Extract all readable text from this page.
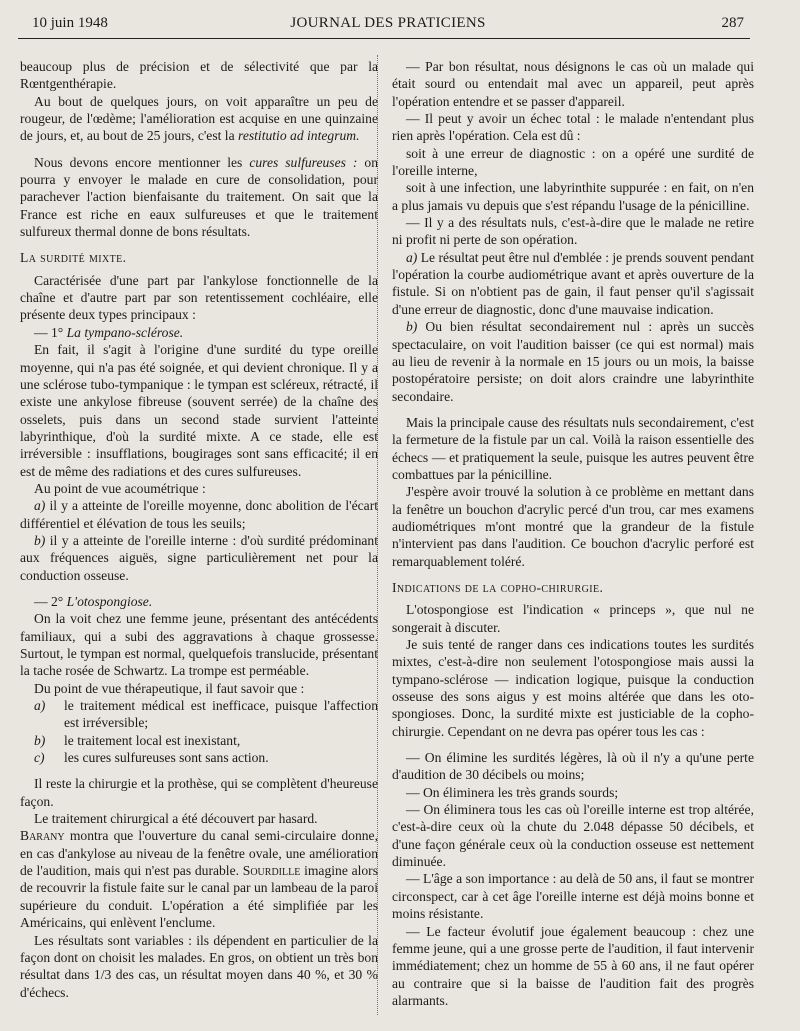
10 juin 1948	JOURNAL DES PRATICIENS	287

beaucoup plus de précision et de sélectivité que par la Rœntgenthérapie.

Au bout de quelques jours, on voit apparaître un peu de rougeur, de l'œdème; l'amélioration est acquise en une quinzaine de jours, et, au bout de 25 jours, c'est la restitutio ad integrum.

Nous devons encore mentionner les cures sulfureuses : on pourra y envoyer le malade en cure de consolidation, pour parachever l'action bienfaisante du traitement. On sait que la France est riche en eaux sulfureuses et que le traitement sulfureux thermal donne de bons résultats.

La surdité mixte.

Caractérisée d'une part par l'ankylose fonctionnelle de la chaîne et d'autre part par son retentissement cochléaire, elle présente deux types principaux :

— 1° La tympano-sclérose.

En fait, il s'agit à l'origine d'une surdité du type oreille moyenne, qui n'a pas été soignée, et qui devient chronique. Il y a une sclérose tubo-tympanique : le tympan est scléreux, rétracté, il existe une ankylose fibreuse (souvent serrée) de la chaîne des osselets, puis dans un second stade survient l'atteinte labyrinthique, d'où la surdité mixte. A ce stade, elle est irréversible : insufflations, bougirages sont sans efficacité; il en est de même des radiations et des cures sulfureuses.

Au point de vue acoumétrique :

a) il y a atteinte de l'oreille moyenne, donc abolition de l'écart différentiel et élévation de tous les seuils;

b) il y a atteinte de l'oreille interne : d'où surdité prédominant aux fréquences aiguës, signe particulièrement net pour la conduction osseuse.

— 2° L'otospongiose.

On la voit chez une femme jeune, présentant des antécédents familiaux, qui a subi des aggravations à chaque grossesse. Surtout, le tympan est normal, quelquefois translucide, présentant la tache rosée de Schwartz. La trompe est perméable.

Du point de vue thérapeutique, il faut savoir que :

a)	le traitement médical est inefficace, puisque l'affection est irréversible;
b)	le traitement local est inexistant,
c)	les cures sulfureuses sont sans action.

Il reste la chirurgie et la prothèse, qui se complètent d'heureuse façon.

Le traitement chirurgical a été découvert par hasard.

Barany montra que l'ouverture du canal semi-circulaire donne, en cas d'ankylose au niveau de la fenêtre ovale, une amélioration de l'audition, mais qui n'est pas durable. Sourdille imagine alors de recouvrir la fistule faite sur le canal par un lambeau de la paroi supérieure du conduit. L'opération a été simplifiée par les Américains, qui enlèvent l'enclume.

Les résultats sont variables : ils dépendent en particulier de la façon dont on choisit les malades. En gros, on obtient un très bon résultat dans 1/3 des cas, un résultat moyen dans 40 %, et 30 % d'échecs.

— Par bon résultat, nous désignons le cas où un malade qui était sourd ou entendait mal avec un appareil, peut après l'opération entendre et se passer d'appareil.

— Il peut y avoir un échec total : le malade n'entendant plus rien après l'opération. Cela est dû :

soit à une erreur de diagnostic : on a opéré une surdité de l'oreille interne,

soit à une infection, une labyrinthite suppurée : en fait, on n'en a plus jamais vu depuis que s'est répandu l'usage de la pénicilline.

— Il y a des résultats nuls, c'est-à-dire que le malade ne retire ni profit ni perte de son opération.

a) Le résultat peut être nul d'emblée : je prends souvent pendant l'opération la courbe audiométrique avant et après ouverture de la fistule. Si on n'obtient pas de gain, il faut penser qu'il s'agissait d'une erreur de diagnostic, donc d'une mauvaise indication.

b) Ou bien résultat secondairement nul : après un succès spectaculaire, on voit l'audition baisser (ce qui est normal) mais au lieu de revenir à la normale en 15 jours ou un mois, la baisse postopératoire persiste; on doit alors craindre une labyrinthite secondaire.

Mais la principale cause des résultats nuls secondairement, c'est la fermeture de la fistule par un cal. Voilà la raison essentielle des échecs — et pratiquement la seule, puisque les autres peuvent être combattues par la pénicilline.

J'espère avoir trouvé la solution à ce problème en mettant dans la fenêtre un bouchon d'acrylic percé d'un trou, car mes examens audiométriques m'ont montré que la grandeur de la fistule n'intervient pas dans l'audition. Ce bouchon d'acrylic perforé est remarquablement toléré.

Indications de la copho-chirurgie.

L'otospongiose est l'indication « princeps », que nul ne songerait à discuter.

Je suis tenté de ranger dans ces indications toutes les surdités mixtes, c'est-à-dire non seulement l'otospongiose mais aussi la tympano-sclérose — indication logique, puisque la conduction osseuse des sons aigus y est moins altérée que dans les oto-spongioses. Donc, la surdité mixte est justiciable de la copho-chirurgie. Cependant on ne devra pas opérer tous les cas :

— On élimine les surdités légères, là où il n'y a qu'une perte d'audition de 30 décibels ou moins;

— On éliminera les très grands sourds;

— On éliminera tous les cas où l'oreille interne est trop altérée, c'est-à-dire ceux où la chute du 2.048 dépasse 50 décibels, et d'une façon générale ceux où la conduction osseuse est nettement diminuée.

— L'âge a son importance : au delà de 50 ans, il faut se montrer circonspect, car à cet âge l'oreille interne est déjà moins bonne et moins résistante.

— Le facteur évolutif joue également beaucoup : chez une femme jeune, qui a une grosse perte de l'audition, il faut intervenir immédiatement; chez un homme de 55 à 60 ans, il ne faut opérer au contraire que si la baisse de l'audition fait des progrès alarmants.
